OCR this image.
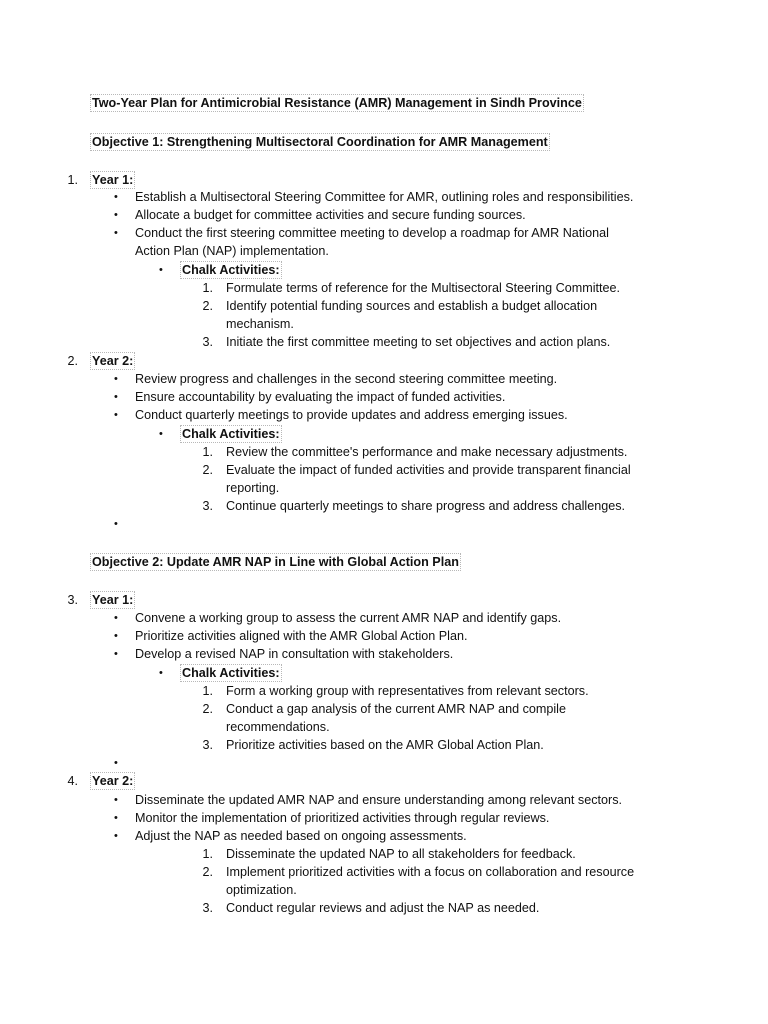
Two-Year Plan for Antimicrobial Resistance (AMR) Management in Sindh Province
Objective 1: Strengthening Multisectoral Coordination for AMR Management
1. Year 1:
• Establish a Multisectoral Steering Committee for AMR, outlining roles and responsibilities.
• Allocate a budget for committee activities and secure funding sources.
• Conduct the first steering committee meeting to develop a roadmap for AMR National
Action Plan (NAP) implementation.
• Chalk Activities:
1. Formulate terms of reference for the Multisectoral Steering Committee.
2. Identify potential funding sources and establish a budget allocation
mechanism.
3. Initiate the first committee meeting to set objectives and action plans.
2. Year 2:
• Review progress and challenges in the second steering committee meeting.
• Ensure accountability by evaluating the impact of funded activities.
• Conduct quarterly meetings to provide updates and address emerging issues.
• Chalk Activities:
1. Review the committee's performance and make necessary adjustments.
2. Evaluate the impact of funded activities and provide transparent financial
reporting.
3. Continue quarterly meetings to share progress and address challenges.
•
Objective 2: Update AMR NAP in Line with Global Action Plan
3. Year 1:
• Convene a working group to assess the current AMR NAP and identify gaps.
• Prioritize activities aligned with the AMR Global Action Plan.
• Develop a revised NAP in consultation with stakeholders.
• Chalk Activities:
1. Form a working group with representatives from relevant sectors.
2. Conduct a gap analysis of the current AMR NAP and compile
recommendations.
3. Prioritize activities based on the AMR Global Action Plan.
•
4. Year 2:
• Disseminate the updated AMR NAP and ensure understanding among relevant sectors.
• Monitor the implementation of prioritized activities through regular reviews.
• Adjust the NAP as needed based on ongoing assessments.
1. Disseminate the updated NAP to all stakeholders for feedback.
2. Implement prioritized activities with a focus on collaboration and resource
optimization.
3. Conduct regular reviews and adjust the NAP as needed.
